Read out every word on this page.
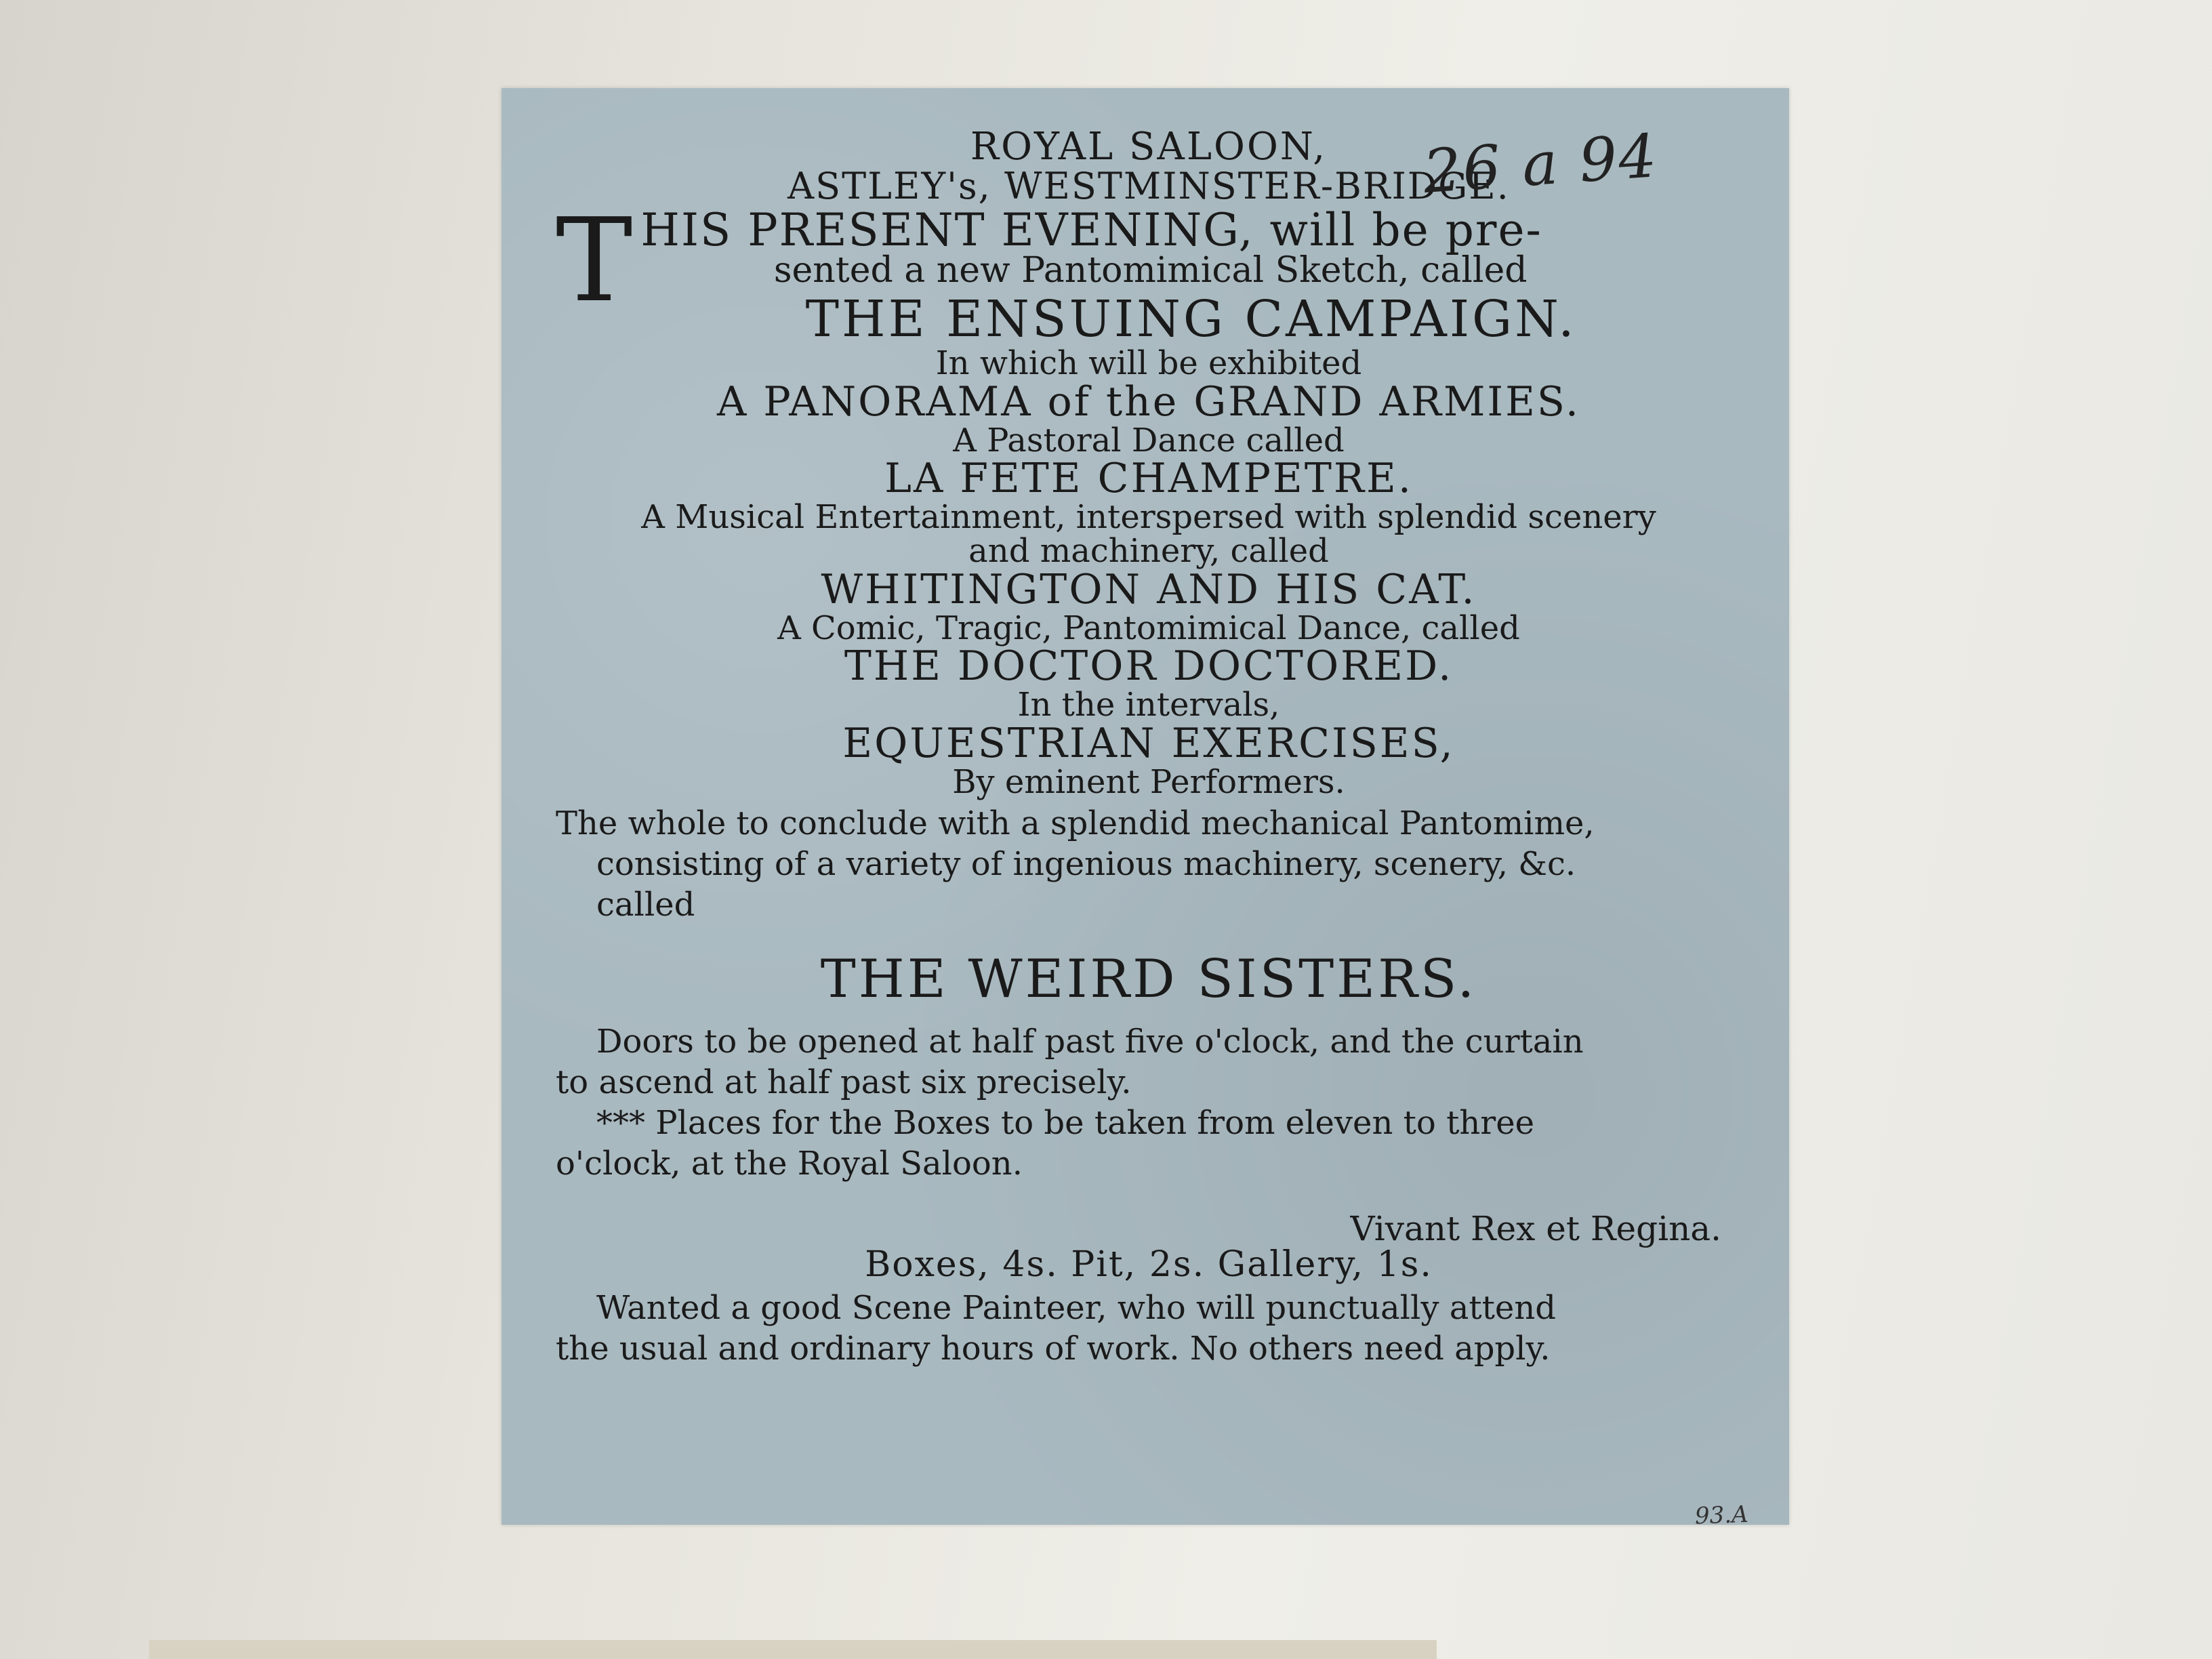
26 a 94

ROYAL SALOON,

ASTLEY's, WESTMINSTER-BRIDGE.

T HIS PRESENT EVENING, will be pre-
sented a new Pantomimical Sketch, called

THE ENSUING CAMPAIGN.

In which will be exhibited

A PANORAMA of the GRAND ARMIES.

A Pastoral Dance called

LA FETE CHAMPETRE.

A Musical Entertainment, interspersed with splendid scenery

and machinery, called

WHITINGTON AND HIS CAT.

A Comic, Tragic, Pantomimical Dance, called

THE DOCTOR DOCTORED.

In the intervals,

EQUESTRIAN EXERCISES,

By eminent Performers.

The whole to conclude with a splendid mechanical Pantomime,

consisting of a variety of ingenious machinery, scenery, &c.

called

THE WEIRD SISTERS.

Doors to be opened at half past five o'clock, and the curtain

to ascend at half past six precisely.

*** Places for the Boxes to be taken from eleven to three

o'clock, at the Royal Saloon.

Vivant Rex et Regina.

Boxes, 4s. Pit, 2s. Gallery, 1s.

Wanted a good Scene Painteer, who will punctually attend

the usual and ordinary hours of work. No others need apply.

93.A
